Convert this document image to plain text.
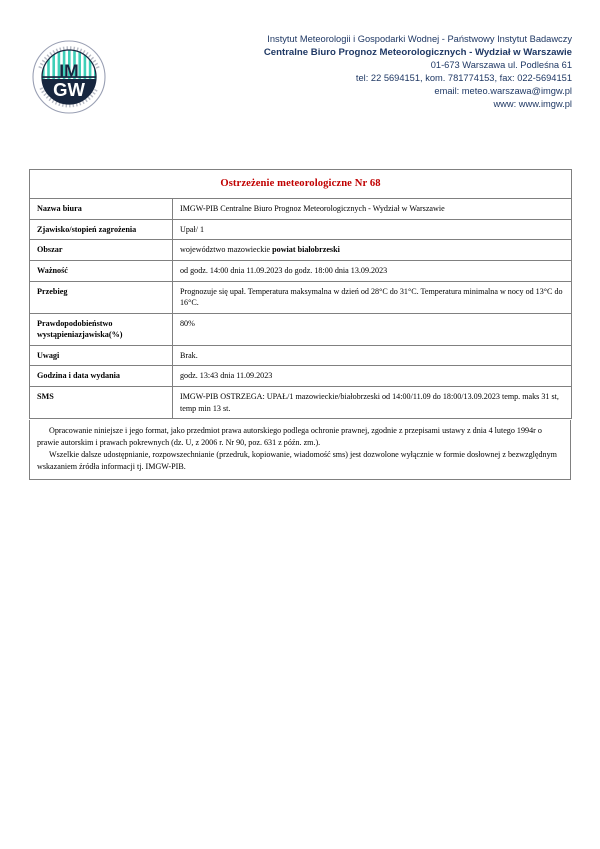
IM
GW
Instytut Meteorologii i Gospodarki Wodnej - Państwowy Instytut Badawczy
Centralne Biuro Prognoz Meteorologicznych - Wydział w Warszawie
01-673 Warszawa ul. Podleśna 61
tel: 22 5694151, kom. 781774153, fax: 022-5694151
email: meteo.warszawa@imgw.pl
www: www.imgw.pl
Ostrzeżenie meteorologiczne Nr 68	
Nazwa biura	IMGW-PIB Centralne Biuro Prognoz Meteorologicznych - Wydział w Warszawie
Zjawisko/stopień zagrożenia	Upał/ 1
Obszar	województwo mazowieckie powiat białobrzeski
Ważność	od godz. 14:00 dnia 11.09.2023 do godz. 18:00 dnia 13.09.2023
Przebieg	Prognozuje się upał. Temperatura maksymalna w dzień od 28°C do 31°C. Temperatura minimalna w nocy od 13°C do 16°C.
Prawdopodobieństwo wystąpieniazjawiska(%)	80%
Uwagi	Brak.
Godzina i data wydania	godz. 13:43 dnia 11.09.2023
SMS	IMGW-PIB OSTRZEGA: UPAŁ/1 mazowieckie/białobrzeski od 14:00/11.09 do 18:00/13.09.2023 temp. maks 31 st, temp min 13 st.

Opracowanie niniejsze i jego format, jako przedmiot prawa autorskiego podlega ochronie prawnej, zgodnie z przepisami ustawy z dnia 4 lutego 1994r o prawie autorskim i prawach pokrewnych (dz. U, z 2006 r. Nr 90, poz. 631 z późn. zm.).

Wszelkie dalsze udostępnianie, rozpowszechnianie (przedruk, kopiowanie, wiadomość sms) jest dozwolone wyłącznie w formie dosłownej z bezwzględnym wskazaniem źródła informacji tj. IMGW-PIB.
